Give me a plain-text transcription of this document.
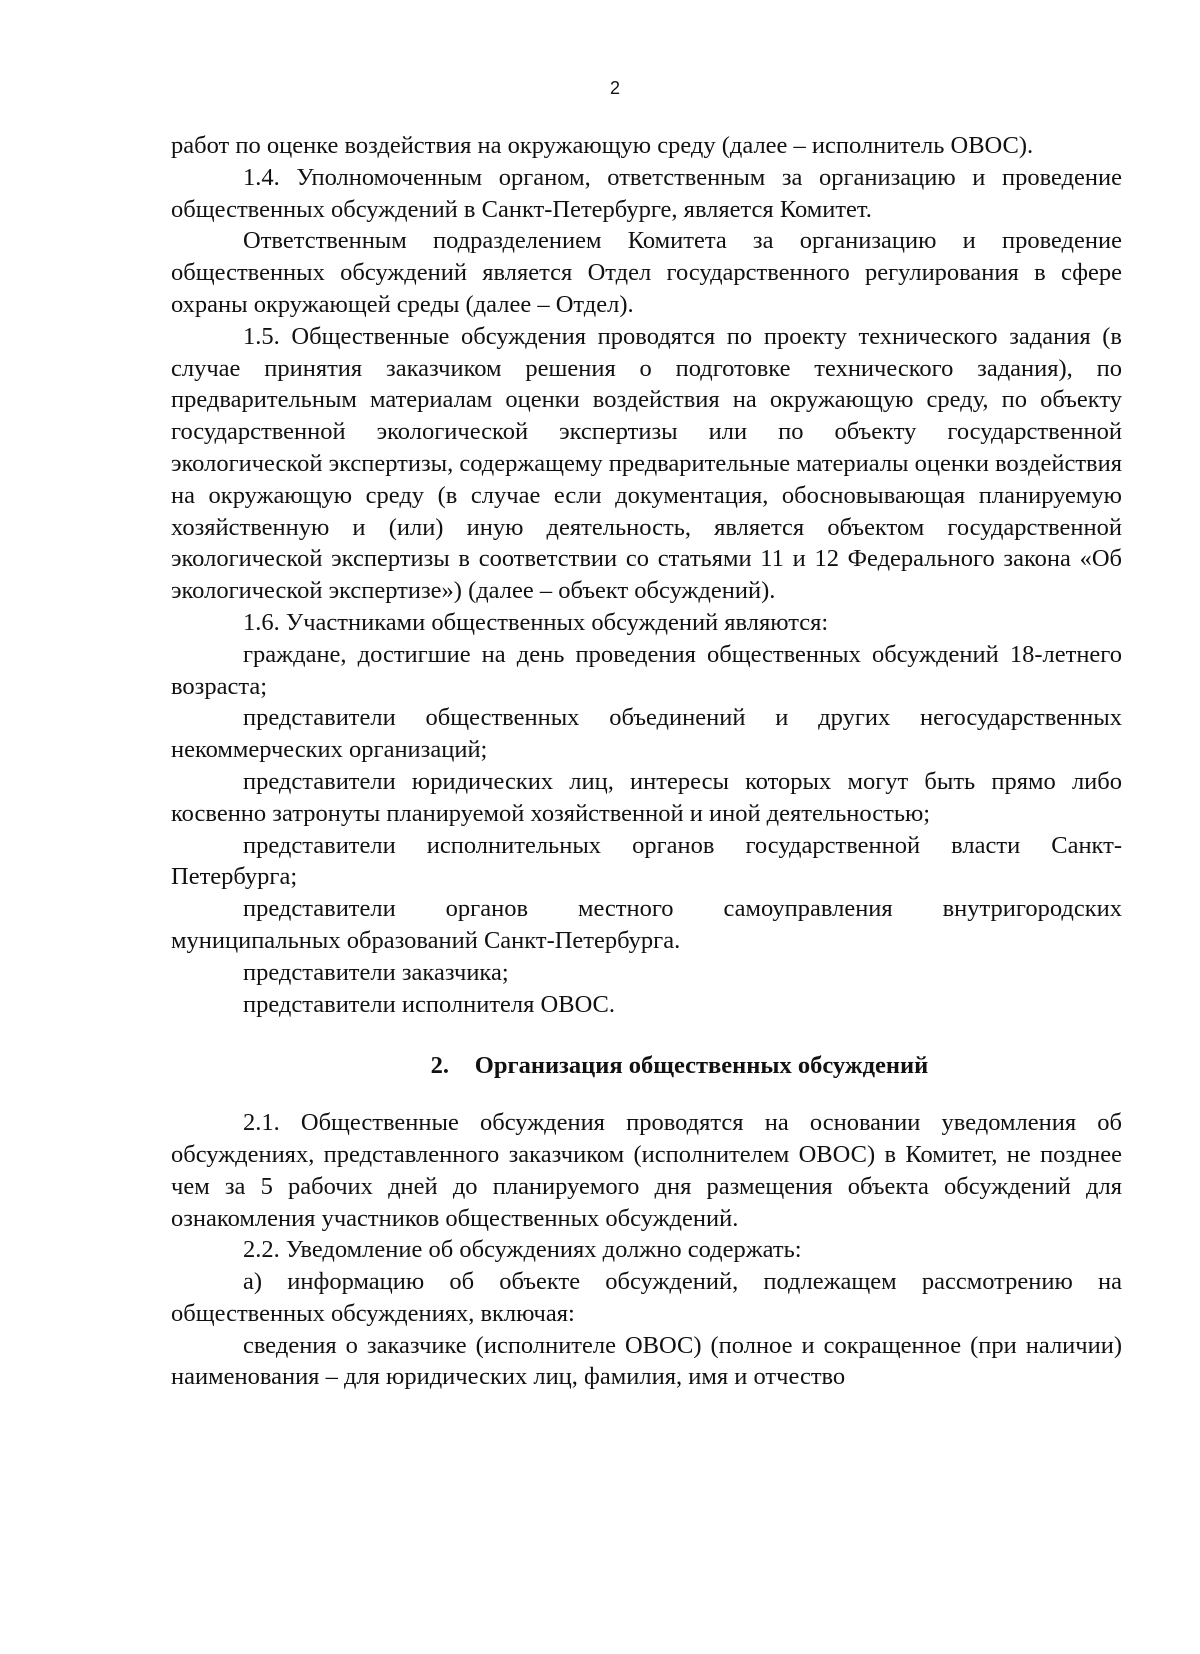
2

работ по оценке воздействия на окружающую среду (далее – исполнитель ОВОС).

1.4. Уполномоченным органом, ответственным за организацию и проведение общественных обсуждений в Санкт-Петербурге, является Комитет.

Ответственным подразделением Комитета за организацию и проведение общественных обсуждений является Отдел государственного регулирования в сфере охраны окружающей среды (далее – Отдел).

1.5. Общественные обсуждения проводятся по проекту технического задания (в случае принятия заказчиком решения о подготовке технического задания), по предварительным материалам оценки воздействия на окружающую среду, по объекту государственной экологической экспертизы или по объекту государственной экологической экспертизы, содержащему предварительные материалы оценки воздействия на окружающую среду (в случае если документация, обосновывающая планируемую хозяйственную и (или) иную деятельность, является объектом государственной экологической экспертизы в соответствии со статьями 11 и 12 Федерального закона «Об экологической экспертизе») (далее – объект обсуждений).

1.6. Участниками общественных обсуждений являются:

граждане, достигшие на день проведения общественных обсуждений 18-летнего возраста;

представители общественных объединений и других негосударственных некоммерческих организаций;

представители юридических лиц, интересы которых могут быть прямо либо косвенно затронуты планируемой хозяйственной и иной деятельностью;

представители исполнительных органов государственной власти Санкт-Петербурга;

представители органов местного самоуправления внутригородских муниципальных образований Санкт-Петербурга.

представители заказчика;

представители исполнителя ОВОС.

2. Организация общественных обсуждений

2.1. Общественные обсуждения проводятся на основании уведомления об обсуждениях, представленного заказчиком (исполнителем ОВОС) в Комитет, не позднее чем за 5 рабочих дней до планируемого дня размещения объекта обсуждений для ознакомления участников общественных обсуждений.

2.2. Уведомление об обсуждениях должно содержать:

а) информацию об объекте обсуждений, подлежащем рассмотрению на общественных обсуждениях, включая:

сведения о заказчике (исполнителе ОВОС) (полное и сокращенное (при наличии) наименования – для юридических лиц, фамилия, имя и отчество
